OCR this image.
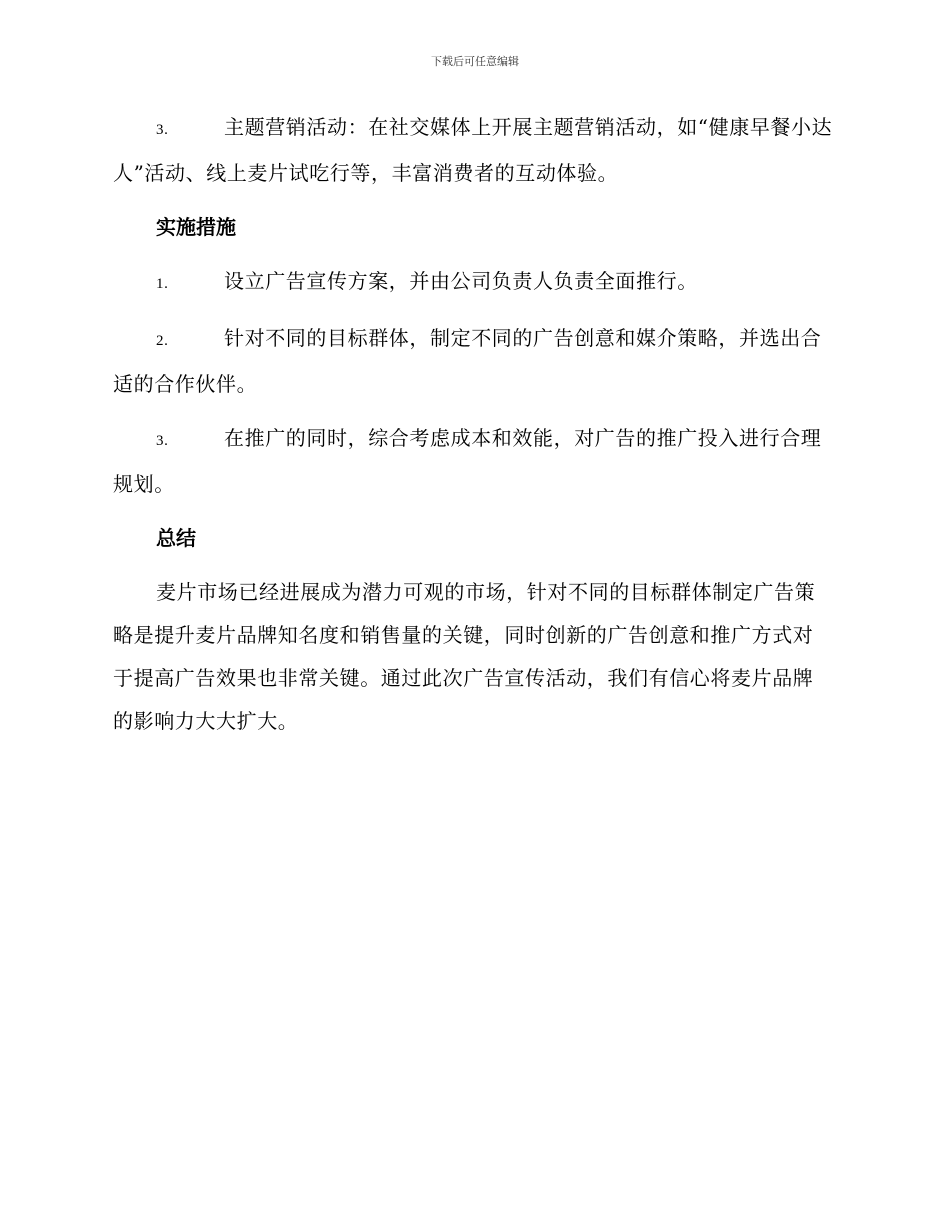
下载后可任意编辑

3.	主题营销活动：在社交媒体上开展主题营销活动，如“健康早餐小达人”活动、线上麦片试吃行等，丰富消费者的互动体验。

实施措施

1.	设立广告宣传方案，并由公司负责人负责全面推行。

2.	针对不同的目标群体，制定不同的广告创意和媒介策略，并选出合适的合作伙伴。

3.	在推广的同时，综合考虑成本和效能，对广告的推广投入进行合理规划。

总结

麦片市场已经进展成为潜力可观的市场，针对不同的目标群体制定广告策略是提升麦片品牌知名度和销售量的关键，同时创新的广告创意和推广方式对于提高广告效果也非常关键。通过此次广告宣传活动，我们有信心将麦片品牌的影响力大大扩大。
